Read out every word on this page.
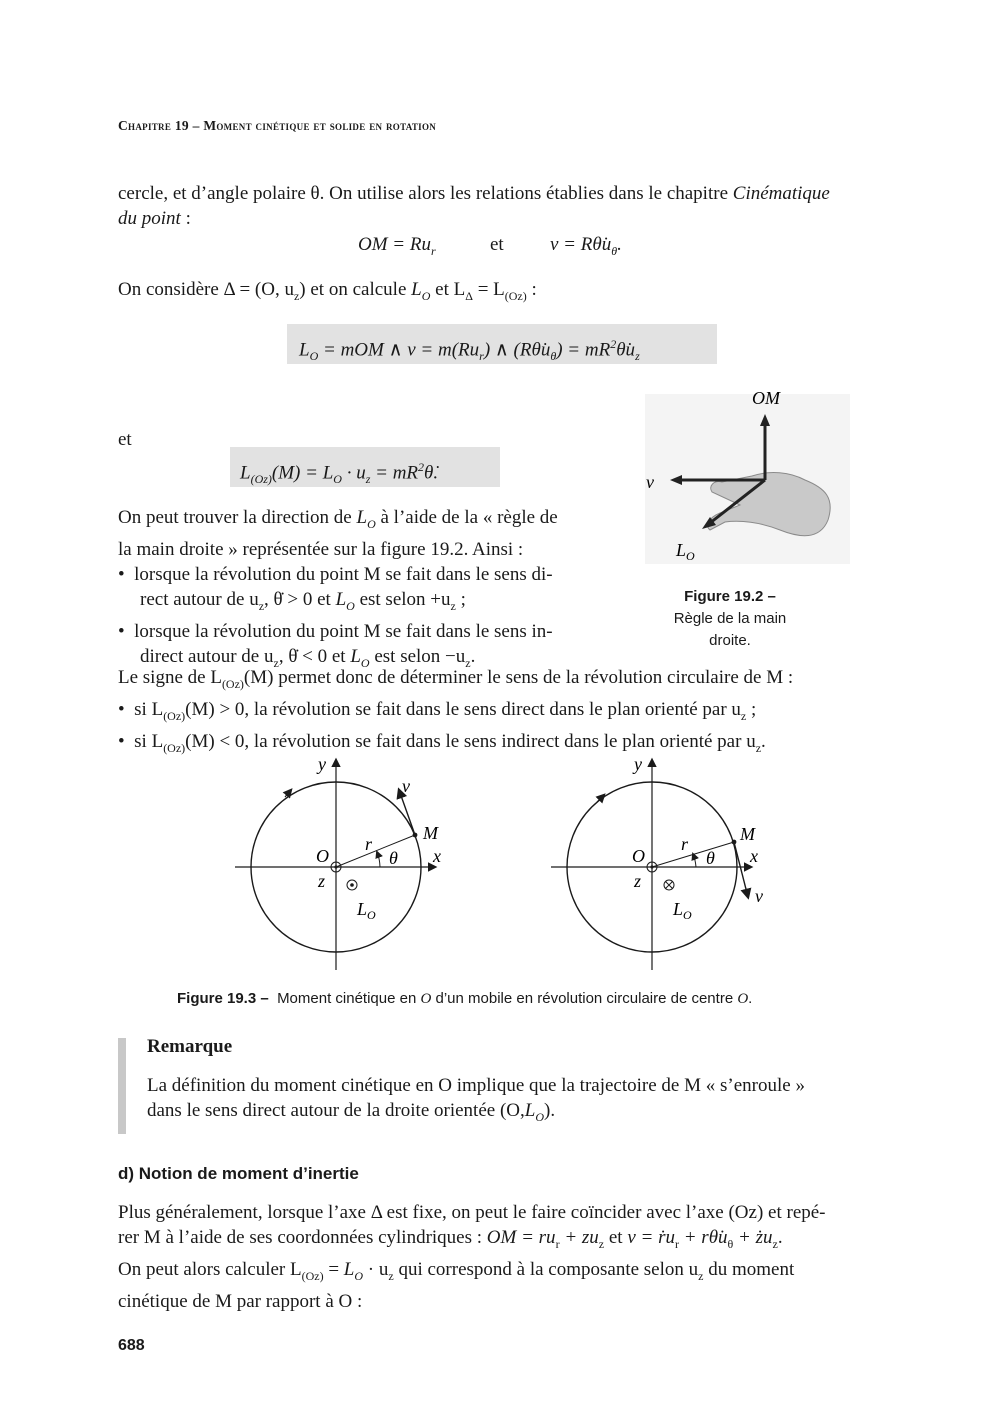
Chapitre 19 – Moment cinétique et solide en rotation
cercle, et d’angle polaire θ. On utilise alors les relations établies dans le chapitre Cinématique
du point :
OM = $Ru_r$	et $v = R\thetȧu_\theta$.
On considère Δ = (O, $u_z$) et on calcule $L_O$ et $L_\Delta = L_{(Oz)}$ :
$L_O$ = mOM ∧ $v = m(Ru_r)$ ∧ $(R\thetȧu_\theta)$ = $mR^2\thetȧu_z$
et
$L_{(Oz)}(M) = L_O \cdot u_z$ = $mR^2\thetȧ$.
OM
v
$L_O$
Figure 19.2 –
Règle de la main
droite.
On peut trouver la direction de $L_O$ à l’aide de la « règle de
la main droite » représentée sur la figure 19.2. Ainsi :
•  lorsque la révolution du point M se fait dans le sens di-
rect autour de $u_z$, θ̇ > 0 et $L_O$ est selon $+u_z$ ;
•  lorsque la révolution du point M se fait dans le sens in-
direct autour de $u_z$, θ̇ < 0 et $L_O$ est selon $-u_z$.
Le signe de $L_{(Oz)}(M)$ permet donc de déterminer le sens de la révolution circulaire de M :
•  si $L_{(Oz)}(M) > 0$, la révolution se fait dans le sens direct dans le plan orienté par $u_z$ ;
•  si $L_{(Oz)}(M) < 0$, la révolution se fait dans le sens indirect dans le plan orienté par $u_z$.
y
x
O
z
r
θ
M
v
$L_O$
y
x
O
z
r
θ
M
v
$L_O$
Figure 19.3 – Moment cinétique en O d’un mobile en révolution circulaire de centre O.
Remarque
La définition du moment cinétique en O implique que la trajectoire de M « s’enroule »
dans le sens direct autour de la droite orientée $(O,L_O)$.
d) Notion de moment d’inertie
Plus généralement, lorsque l’axe Δ est fixe, on peut le faire coïncider avec l’axe (Oz) et repé-
rer M à l’aide de ses coordonnées cylindriques : OM = $ru_r + zu_z$ et v = ṙu$_r$ + $r\thetȧu_\theta$ + $żu_z$.
On peut alors calculer $L_{(Oz)} = L_O \cdot u_z$ qui correspond à la composante selon $u_z$ du moment
cinétique de M par rapport à O :
688
